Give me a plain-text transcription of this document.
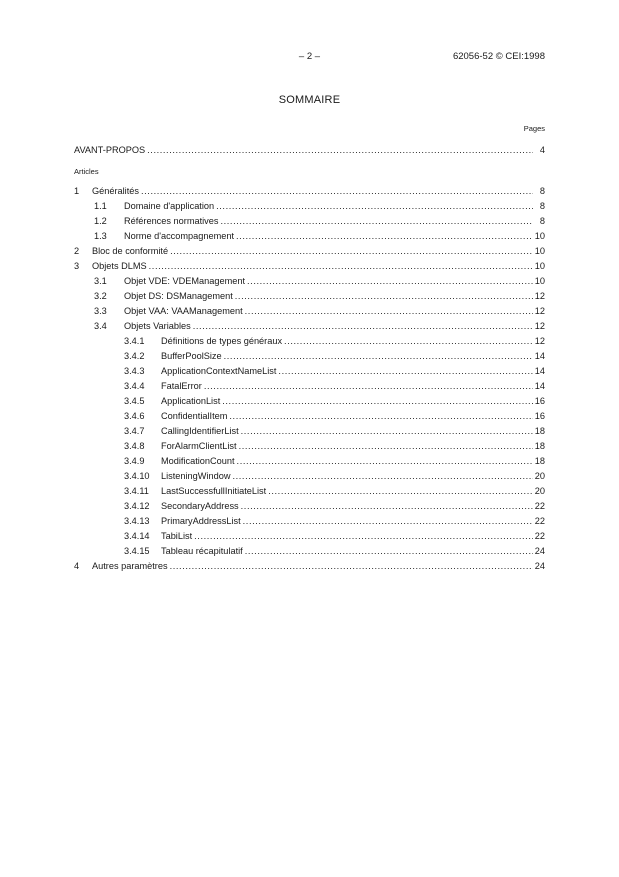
– 2 –	62056-52 © CEI:1998
SOMMAIRE
Pages
AVANT-PROPOS .....	4
Articles
1	Généralités .....	8
1.1	Domaine d'application .....	8
1.2	Références normatives .....	8
1.3	Norme d'accompagnement .....	10
2	Bloc de conformité .....	10
3	Objets DLMS .....	10
3.1	Objet VDE: VDEManagement .....	10
3.2	Objet DS: DSManagement .....	12
3.3	Objet VAA: VAAManagement .....	12
3.4	Objets Variables .....	12
3.4.1	Définitions de types généraux .....	12
3.4.2	BufferPoolSize .....	14
3.4.3	ApplicationContextNameList .....	14
3.4.4	FatalError .....	14
3.4.5	ApplicationList .....	16
3.4.6	ConfidentialItem .....	16
3.4.7	CallingIdentifierList .....	18
3.4.8	ForAlarmClientList .....	18
3.4.9	ModificationCount .....	18
3.4.10	ListeningWindow .....	20
3.4.11	LastSuccessfullInitiateList .....	20
3.4.12	SecondaryAddress .....	22
3.4.13	PrimaryAddressList .....	22
3.4.14	TabiList .....	22
3.4.15	Tableau récapitulatif .....	24
4	Autres paramètres .....	24
